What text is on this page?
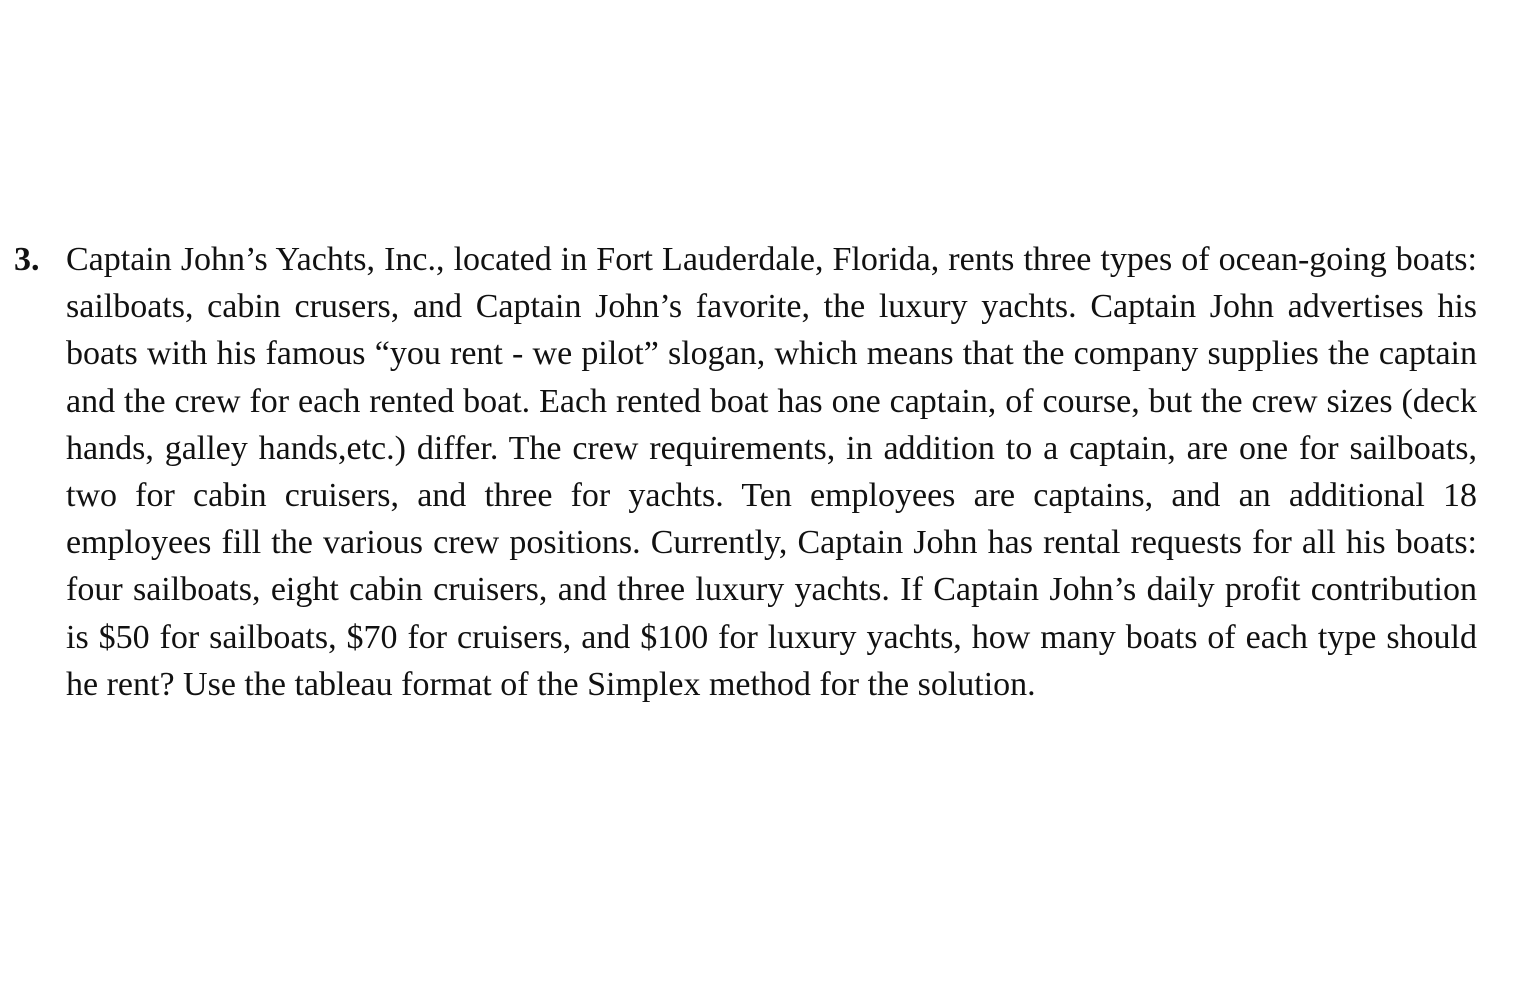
3. Captain John’s Yachts, Inc., located in Fort Lauderdale, Florida, rents three types of ocean-going boats: sailboats, cabin crusers, and Captain John’s favorite, the luxury yachts. Captain John advertises his boats with his famous “you rent - we pilot” slogan, which means that the company supplies the captain and the crew for each rented boat. Each rented boat has one captain, of course, but the crew sizes (deck hands, galley hands,etc.) differ. The crew requirements, in addition to a captain, are one for sailboats, two for cabin cruisers, and three for yachts. Ten employees are captains, and an additional 18 employees fill the various crew positions. Currently, Captain John has rental requests for all his boats: four sailboats, eight cabin cruisers, and three luxury yachts. If Captain John’s daily profit contribution is $50 for sailboats, $70 for cruisers, and $100 for luxury yachts, how many boats of each type should he rent? Use the tableau format of the Simplex method for the solution.
